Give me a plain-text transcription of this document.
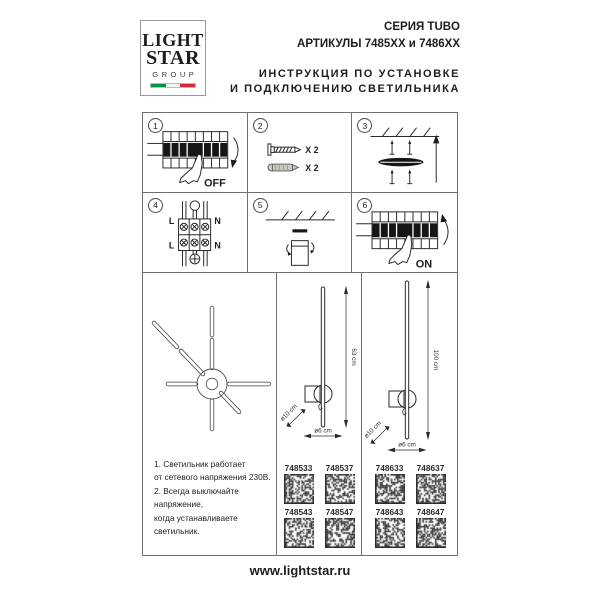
LIGHT
STAR
GROUP
СЕРИЯ TUBO
АРТИКУЛЫ 7485XX и 7486XX
ИНСТРУКЦИЯ ПО УСТАНОВКЕ
И ПОДКЛЮЧЕНИЮ СВЕТИЛЬНИКА
1
OFF
2
X 2
X 2
3
4
L	N
L	N
5	6
ON
1. Светильник работает
от сетевого напряжения 230В.
2. Всегда выключайте напряжение,
когда устанавливаете светильник.
63 cm
ø10 cm
ø6 cm
748533	748537
748543	748547
100 cm
ø10 cm
ø6 cm
748633	748637
748643	748647
www.lightstar.ru
